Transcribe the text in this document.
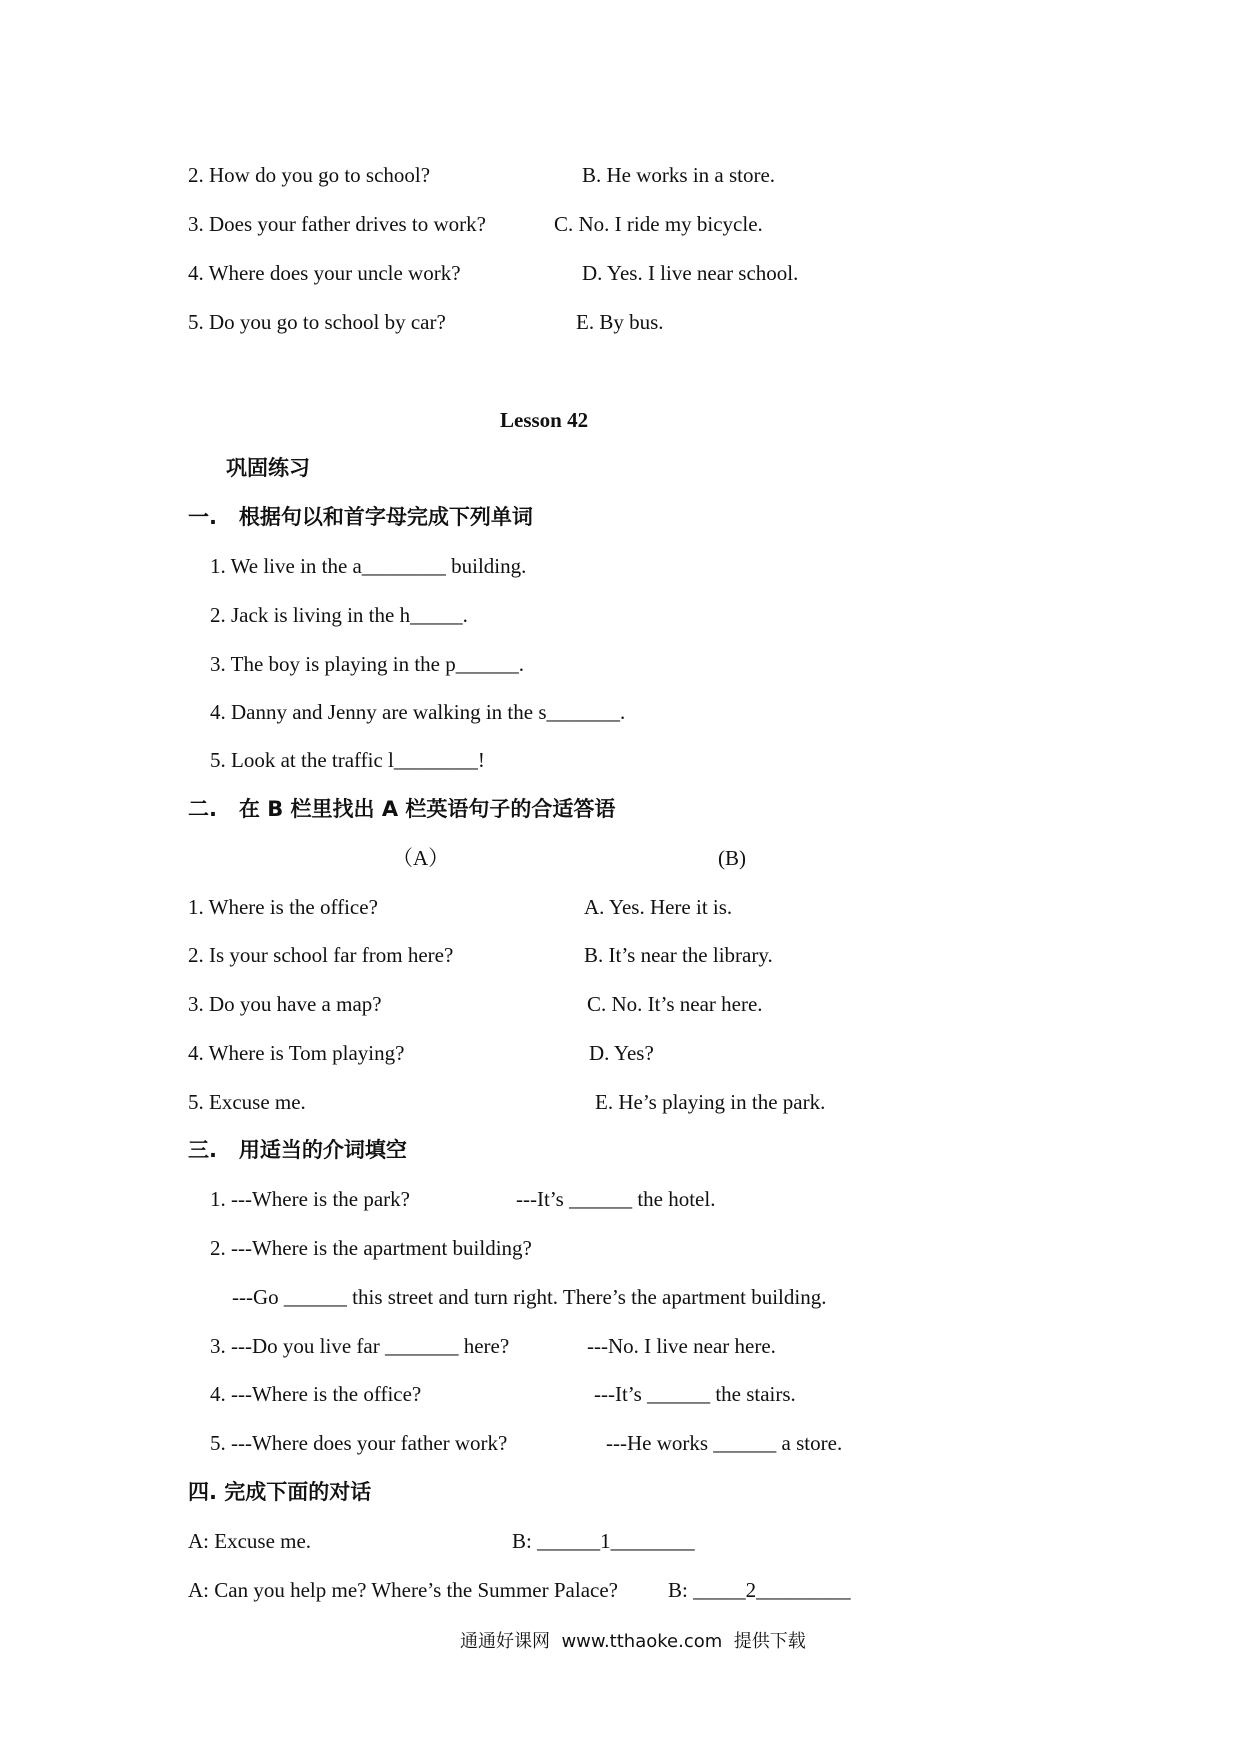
2. How do you go to school?	B. He works in a store.
3. Does your father drives to work?	C. No. I ride my bicycle.
4. Where does your uncle work?	D. Yes. I live near school.
5. Do you go to school by car?	E. By bus.
Lesson 42
巩固练习
一.   根据句以和首字母完成下列单词
1. We live in the a________ building.
2. Jack is living in the h_____.
3. The boy is playing in the p______.
4. Danny and Jenny are walking in the s_______.
5. Look at the traffic l________!
二.   在 B 栏里找出 A 栏英语句子的合适答语
（A）	(B)
1. Where is the office?	A. Yes. Here it is.
2. Is your school far from here?	B. It’s near the library.
3. Do you have a map?	C. No. It’s near here.
4. Where is Tom playing?	D. Yes?
5. Excuse me.	E. He’s playing in the park.
三.   用适当的介词填空
1. ---Where is the park?	---It’s ______ the hotel.
2. ---Where is the apartment building?
---Go ______ this street and turn right. There’s the apartment building.
3. ---Do you live far _______ here?	---No. I live near here.
4. ---Where is the office?	---It’s ______ the stairs.
5. ---Where does your father work?	---He works ______ a store.
四. 完成下面的对话
A: Excuse me.	B: ______1________
A: Can you help me? Where’s the Summer Palace? B: _____2_________
通通好课网  www.tthaoke.com  提供下载
